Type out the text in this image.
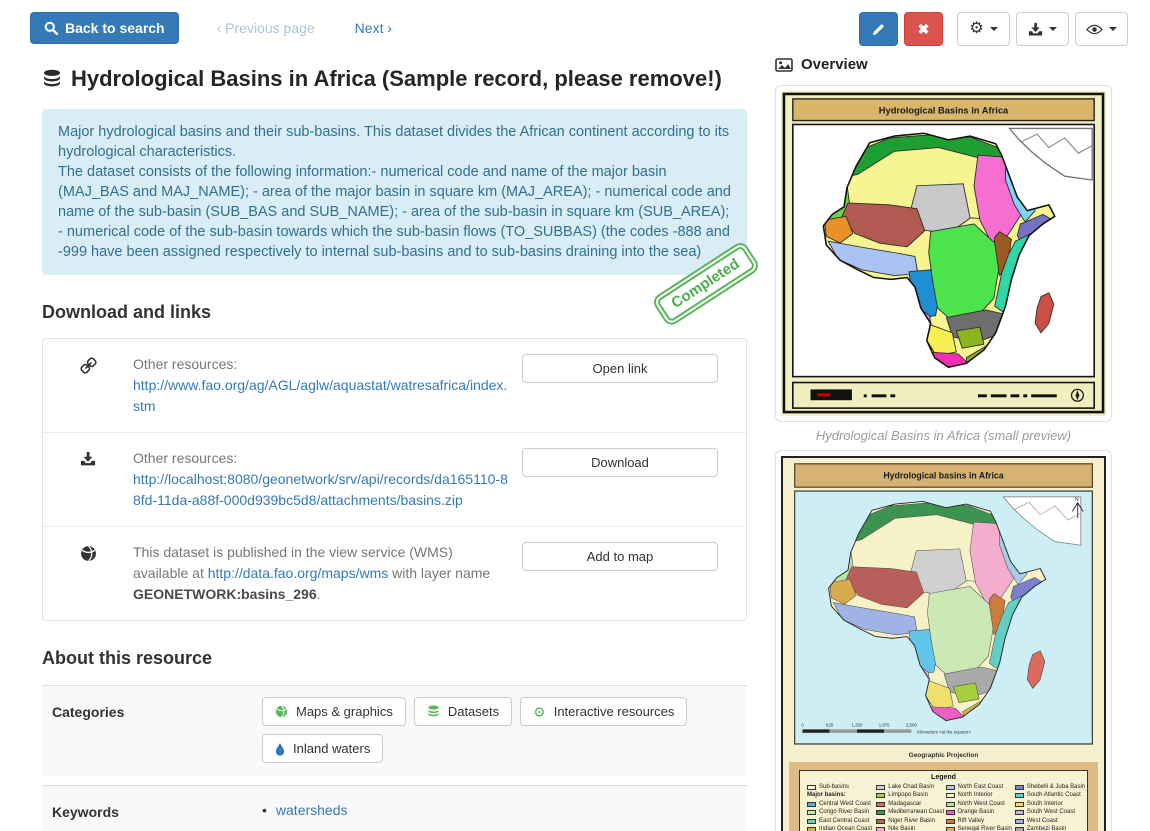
Back to search	‹ Previous page	Next ›	✖ ⚙
Hydrological Basins in Africa (Sample record, please remove!)
Major hydrological basins and their sub-basins. This dataset divides the African continent according to its hydrological characteristics.
The dataset consists of the following information:- numerical code and name of the major basin (MAJ_BAS and MAJ_NAME); - area of the major basin in square km (MAJ_AREA); - numerical code and name of the sub-basin (SUB_BAS and SUB_NAME); - area of the sub-basin in square km (SUB_AREA); - numerical code of the sub-basin towards which the sub-basin flows (TO_SUBBAS) (the codes -888 and -999 have been assigned respectively to internal sub-basins and to sub-basins draining into the sea)
Completed
Download and links
Other resources:
http://www.fao.org/ag/AGL/aglw/aquastat/watresafrica/index.stm
Open link
Other resources:
http://localhost:8080/geonetwork/srv/api/records/da165110-88fd-11da-a88f-000d939bc5d8/attachments/basins.zip
Download
This dataset is published in the view service (WMS) available at http://data.fao.org/maps/wms with layer name GEONETWORK:basins_296.
Add to map
About this resource
Categories	Maps & graphics	Datasets ⚙ Interactive resources
Inland waters
Keywords	• watersheds
Overview
Hydrological Basins in Africa
Hydrological Basins in Africa (small preview)
Hydrological basins in Africa
N
0	625	1,250	1,875	2,500
Kilometers <at the equator>
Geographic Projection
Legend
Sub-basins
Major basins:
Central West Coast
Congo River Basin
East Central Coast
Indian Ocean Coast
Lake Chad Basin
Limpopo Basin
Madagascar
Mediterranean Coast
Niger River Basin
Nile Basin
North East Coast
North Interior
North West Coast
Orange Basin
Rift Valley
Senegal River Basin
Shebelli & Juba Basin
South Atlantic Coast
South Interior
South West Coast
West Coast
Zambezi Basin
